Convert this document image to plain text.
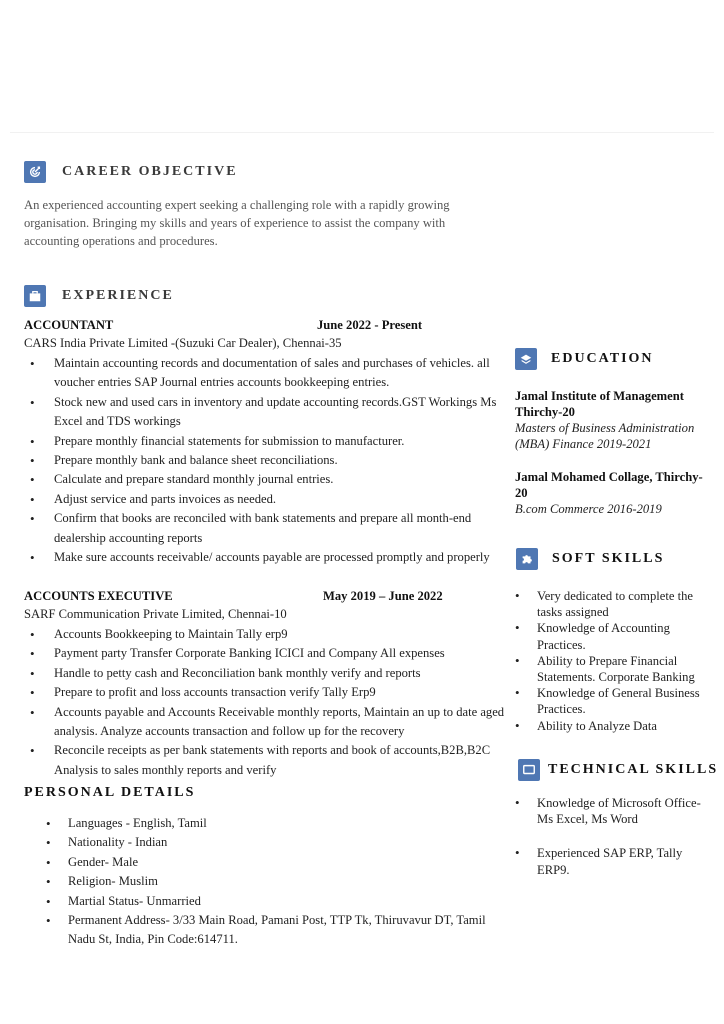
CAREER OBJECTIVE
An experienced accounting expert seeking a challenging role with a rapidly growing organisation. Bringing my skills and years of experience to assist the company with accounting operations and procedures.
EXPERIENCE
ACCOUNTANT	June 2022 - Present
CARS India Private Limited -(Suzuki Car Dealer), Chennai-35
• Maintain accounting records and documentation of sales and purchases of vehicles. all voucher entries SAP Journal entries accounts bookkeeping entries.
• Stock new and used cars in inventory and update accounting records.GST Workings Ms Excel and TDS workings
• Prepare monthly financial statements for submission to manufacturer.
• Prepare monthly bank and balance sheet reconciliations.
• Calculate and prepare standard monthly journal entries.
• Adjust service and parts invoices as needed.
• Confirm that books are reconciled with bank statements and prepare all month-end dealership accounting reports
• Make sure accounts receivable/ accounts payable are processed promptly and properly
ACCOUNTS EXECUTIVE	May 2019 – June 2022
SARF Communication Private Limited, Chennai-10
• Accounts Bookkeeping to Maintain Tally erp9
• Payment party Transfer Corporate Banking ICICI and Company All expenses
• Handle to petty cash and Reconciliation bank monthly verify and reports
• Prepare to profit and loss accounts transaction verify Tally Erp9
• Accounts payable and Accounts Receivable monthly reports, Maintain an up to date aged analysis. Analyze accounts transaction and follow up for the recovery
• Reconcile receipts as per bank statements with reports and book of accounts,B2B,B2C Analysis to sales monthly reports and verify
PERSONAL DETAILS
• Languages - English, Tamil
• Nationality - Indian
• Gender- Male
• Religion- Muslim
• Martial Status- Unmarried
• Permanent Address- 3/33 Main Road, Pamani Post, TTP Tk, Thiruvavur DT, Tamil Nadu St, India, Pin Code:614711.
EDUCATION
Jamal Institute of Management Thirchy-20
Masters of Business Administration (MBA) Finance 2019-2021
Jamal Mohamed Collage, Thirchy-20
B.com Commerce 2016-2019
SOFT SKILLS
• Very dedicated to complete the tasks assigned
• Knowledge of Accounting Practices.
• Ability to Prepare Financial Statements. Corporate Banking
• Knowledge of General Business Practices.
• Ability to Analyze Data
TECHNICAL SKILLS
• Knowledge of Microsoft Office-Ms Excel, Ms Word
• Experienced SAP ERP, Tally ERP9.
